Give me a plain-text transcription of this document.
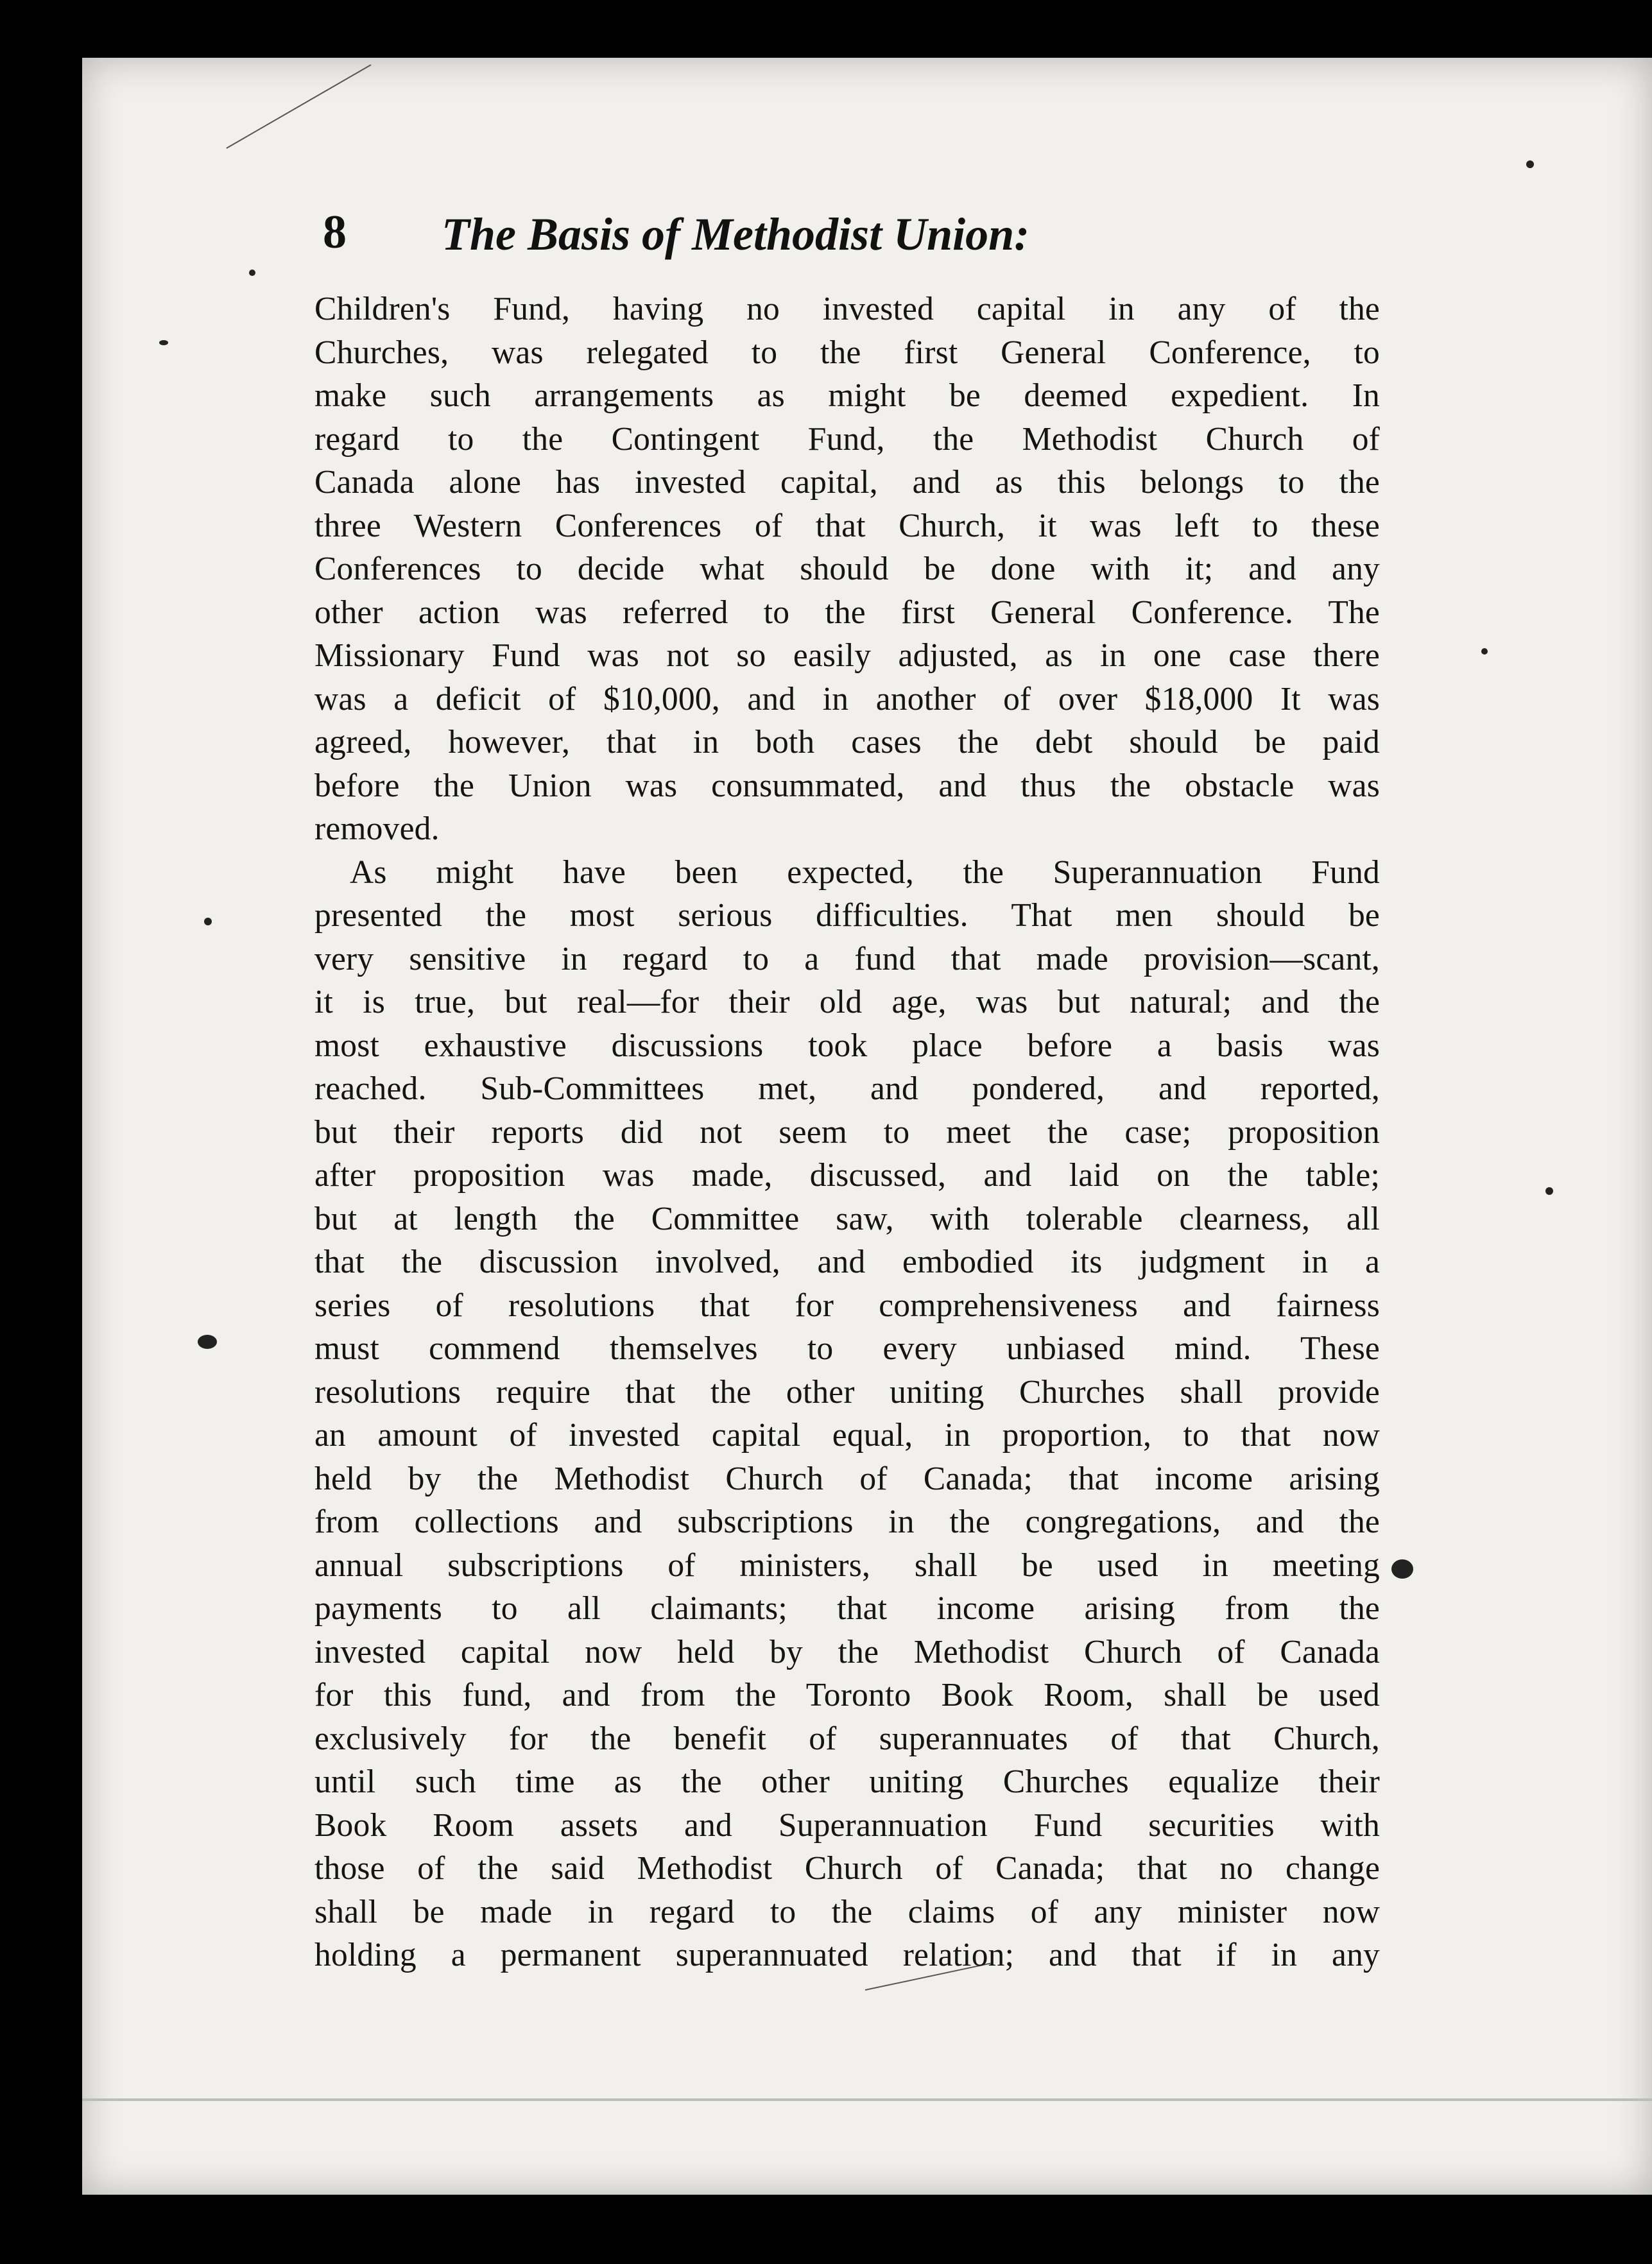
8 The Basis of Methodist Union:
Children's Fund, having no invested capital in any of the
Churches, was relegated to the first General Conference, to
make such arrangements as might be deemed expedient. In
regard to the Contingent Fund, the Methodist Church of
Canada alone has invested capital, and as this belongs to the
three Western Conferences of that Church, it was left to these
Conferences to decide what should be done with it; and any
other action was referred to the first General Conference. The
Missionary Fund was not so easily adjusted, as in one case there
was a deficit of $10,000, and in another of over $18,000 It was
agreed, however, that in both cases the debt should be paid
before the Union was consummated, and thus the obstacle was
removed.
As might have been expected, the Superannuation Fund
presented the most serious difficulties. That men should be
very sensitive in regard to a fund that made provision—scant,
it is true, but real—for their old age, was but natural; and the
most exhaustive discussions took place before a basis was
reached. Sub-Committees met, and pondered, and reported,
but their reports did not seem to meet the case; proposition
after proposition was made, discussed, and laid on the table;
but at length the Committee saw, with tolerable clearness, all
that the discussion involved, and embodied its judgment in a
series of resolutions that for comprehensiveness and fairness
must commend themselves to every unbiased mind. These
resolutions require that the other uniting Churches shall provide
an amount of invested capital equal, in proportion, to that now
held by the Methodist Church of Canada; that income arising
from collections and subscriptions in the congregations, and the
annual subscriptions of ministers, shall be used in meeting
payments to all claimants; that income arising from the
invested capital now held by the Methodist Church of Canada
for this fund, and from the Toronto Book Room, shall be used
exclusively for the benefit of superannuates of that Church,
until such time as the other uniting Churches equalize their
Book Room assets and Superannuation Fund securities with
those of the said Methodist Church of Canada; that no change
shall be made in regard to the claims of any minister now
holding a permanent superannuated relation; and that if in any
